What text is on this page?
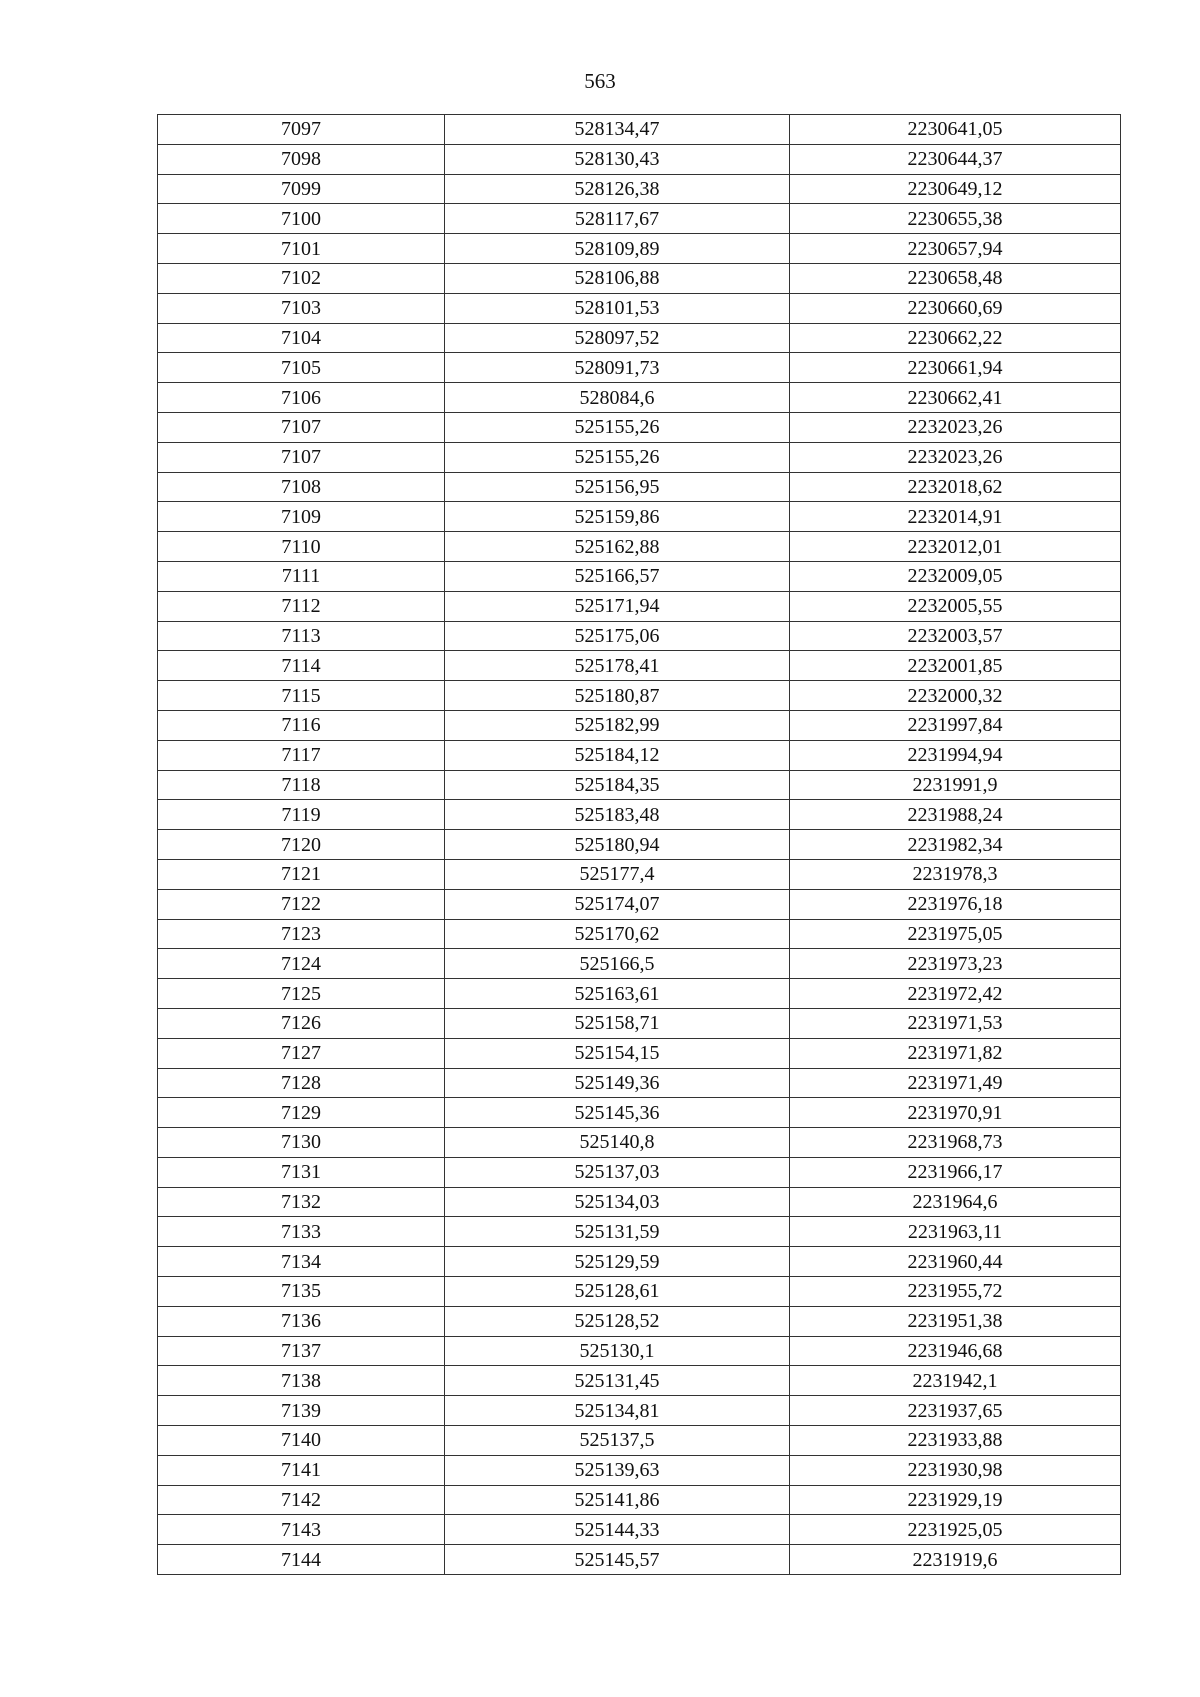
563
7097	528134,47	2230641,05
7098	528130,43	2230644,37
7099	528126,38	2230649,12
7100	528117,67	2230655,38
7101	528109,89	2230657,94
7102	528106,88	2230658,48
7103	528101,53	2230660,69
7104	528097,52	2230662,22
7105	528091,73	2230661,94
7106	528084,6	2230662,41
7107	525155,26	2232023,26
7107	525155,26	2232023,26
7108	525156,95	2232018,62
7109	525159,86	2232014,91
7110	525162,88	2232012,01
7111	525166,57	2232009,05
7112	525171,94	2232005,55
7113	525175,06	2232003,57
7114	525178,41	2232001,85
7115	525180,87	2232000,32
7116	525182,99	2231997,84
7117	525184,12	2231994,94
7118	525184,35	2231991,9
7119	525183,48	2231988,24
7120	525180,94	2231982,34
7121	525177,4	2231978,3
7122	525174,07	2231976,18
7123	525170,62	2231975,05
7124	525166,5	2231973,23
7125	525163,61	2231972,42
7126	525158,71	2231971,53
7127	525154,15	2231971,82
7128	525149,36	2231971,49
7129	525145,36	2231970,91
7130	525140,8	2231968,73
7131	525137,03	2231966,17
7132	525134,03	2231964,6
7133	525131,59	2231963,11
7134	525129,59	2231960,44
7135	525128,61	2231955,72
7136	525128,52	2231951,38
7137	525130,1	2231946,68
7138	525131,45	2231942,1
7139	525134,81	2231937,65
7140	525137,5	2231933,88
7141	525139,63	2231930,98
7142	525141,86	2231929,19
7143	525144,33	2231925,05
7144	525145,57	2231919,6
